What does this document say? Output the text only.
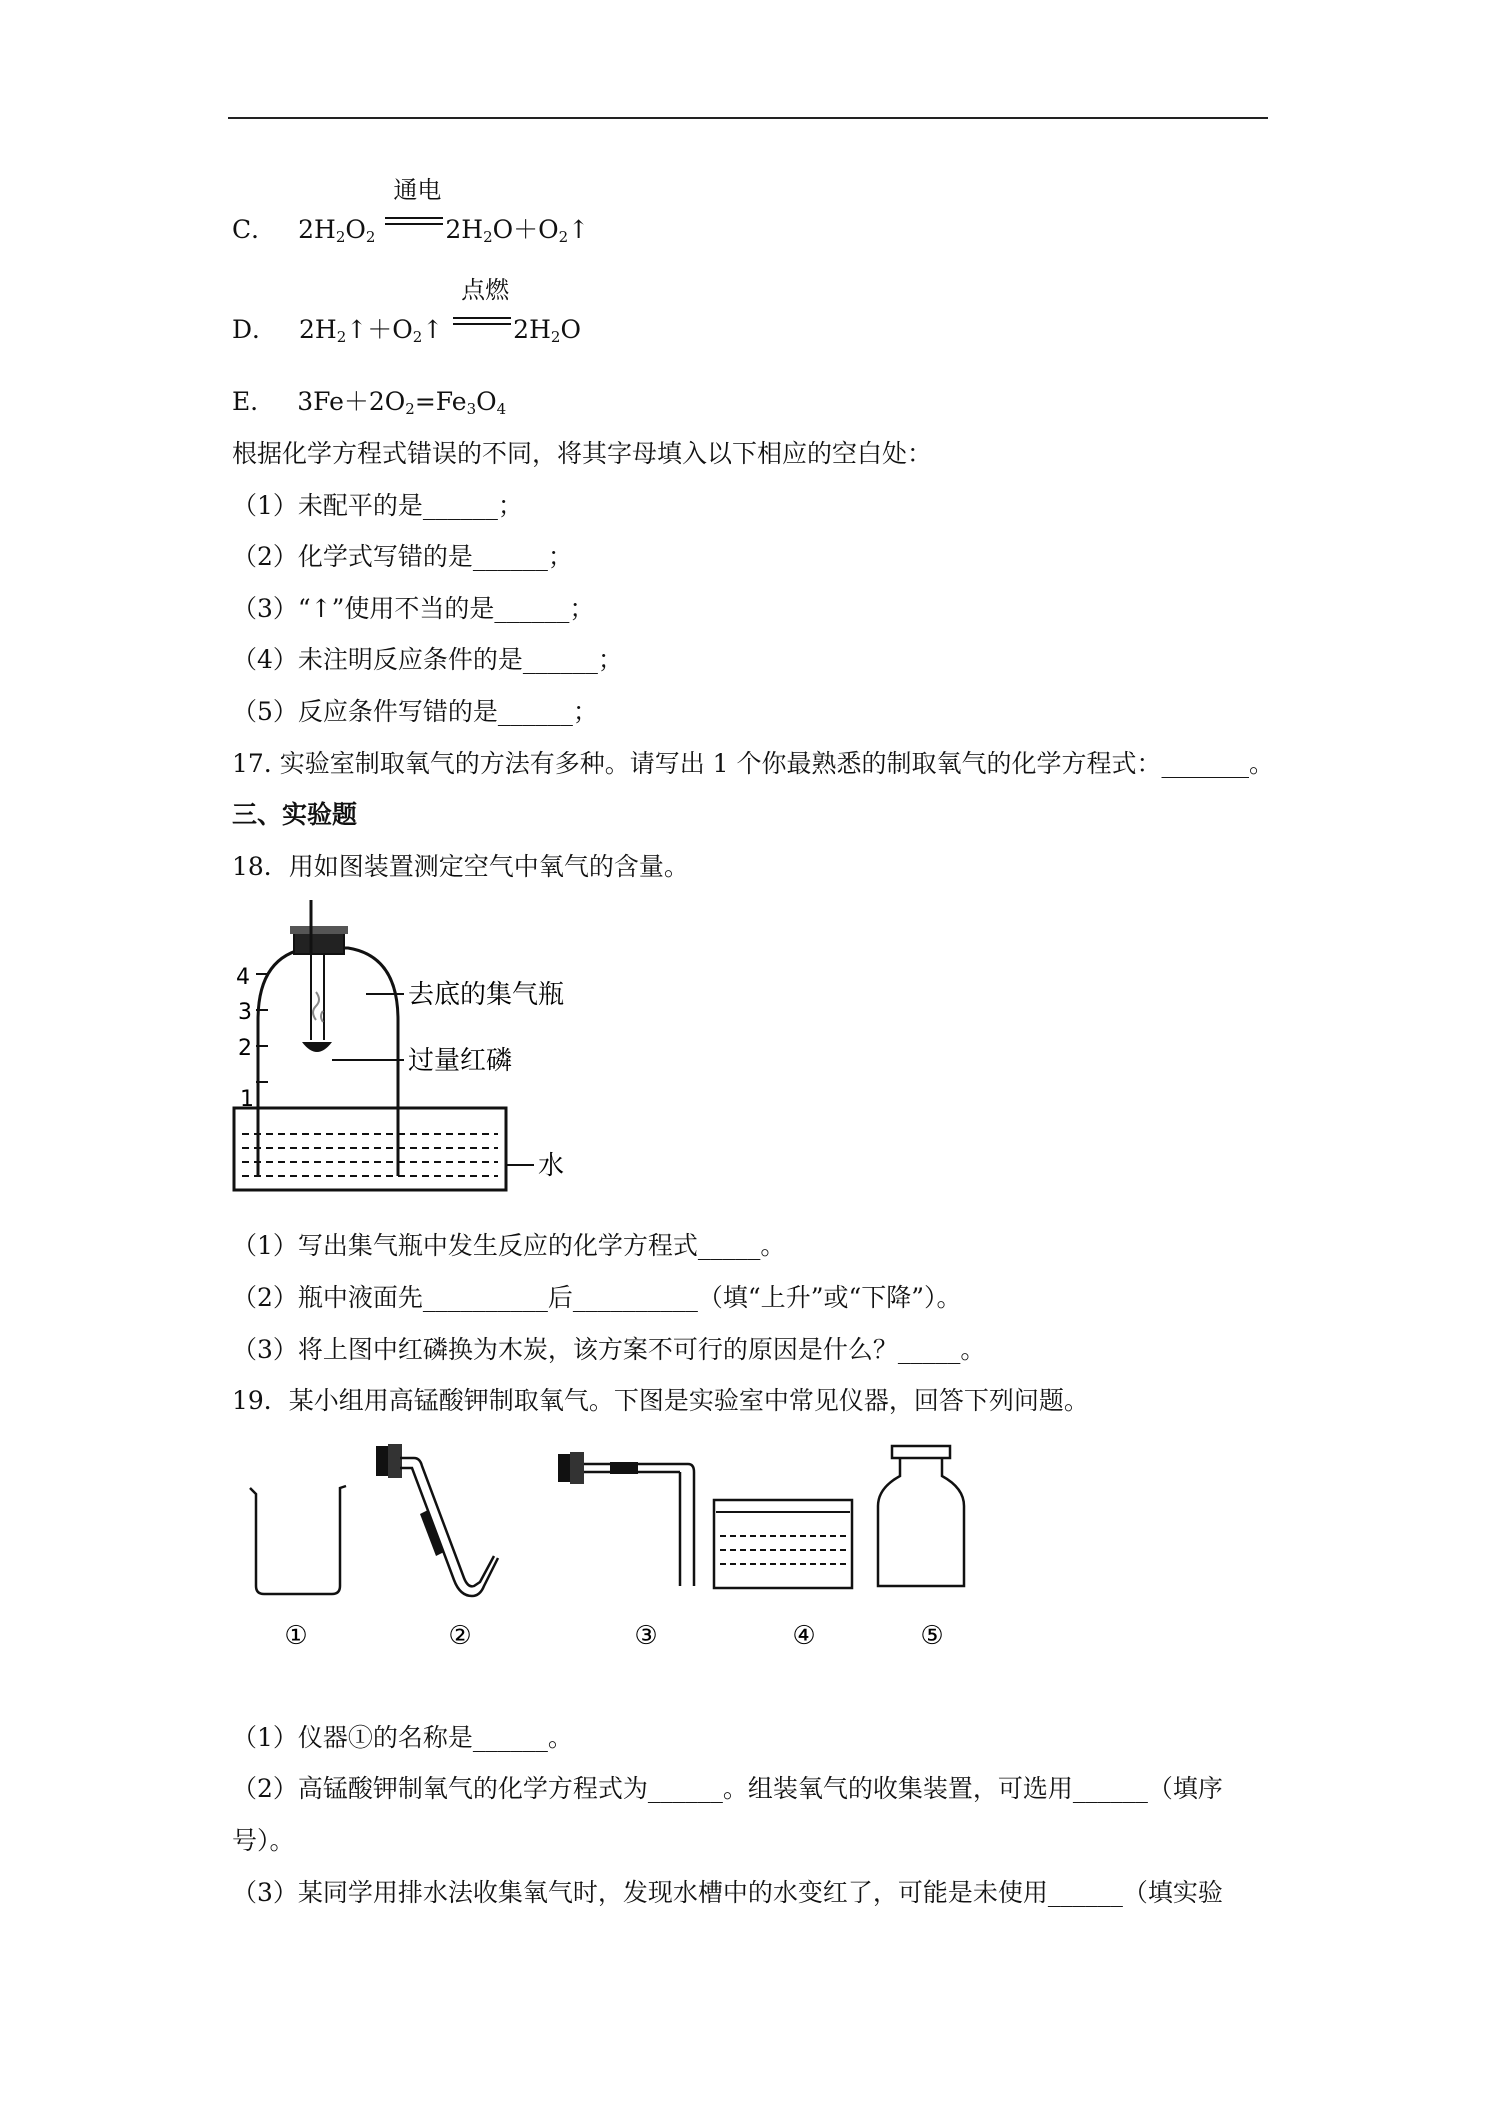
C． $2H_2O_2$
通电
$2H_2O+O_2↑$
D． $2H_2↑+O_2↑$
点燃
$2H_2O$
E． $3Fe+2O_2=Fe_3O_4$
根据化学方程式错误的不同，将其字母填入以下相应的空白处：
（1）未配平的是______；
（2）化学式写错的是______；
（3）“↑”使用不当的是______；
（4）未注明反应条件的是______；
（5）反应条件写错的是______；
17. 实验室制取氧气的方法有多种。请写出 1 个你最熟悉的制取氧气的化学方程式：_______。
三、实验题
18．用如图装置测定空气中氧气的含量。
4
3
2
1
去底的集气瓶
过量红磷
水
（1）写出集气瓶中发生反应的化学方程式_____。
（2）瓶中液面先__________后__________（填“上升”或“下降”）。
（3）将上图中红磷换为木炭，该方案不可行的原因是什么？_____。
19．某小组用高锰酸钾制取氧气。下图是实验室中常见仪器，回答下列问题。
①	②	③	④	⑤
（1）仪器①的名称是______。
（2）高锰酸钾制氧气的化学方程式为______。组装氧气的收集装置，可选用______（填序
号）。
（3）某同学用排水法收集氧气时，发现水槽中的水变红了，可能是未使用______（填实验
